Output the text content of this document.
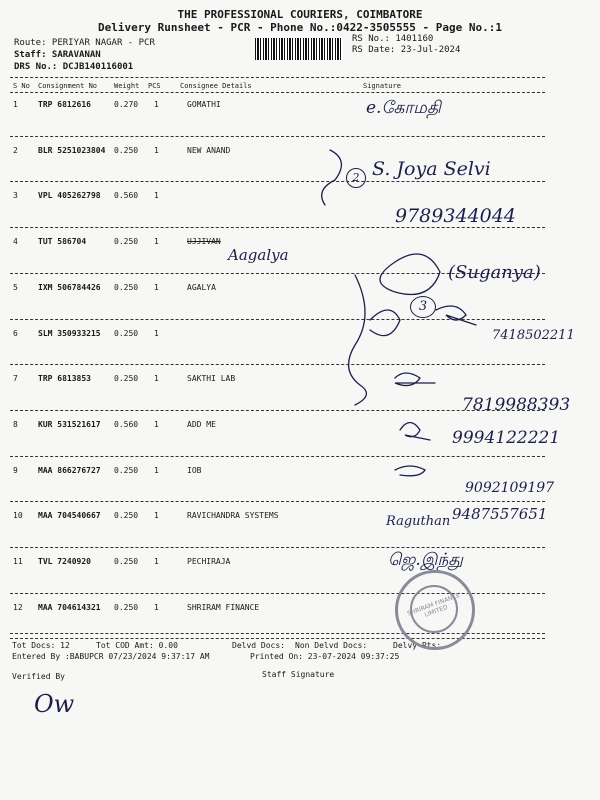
THE PROFESSIONAL COURIERS, COIMBATORE
Delivery Runsheet - PCR - Phone No.:0422-3505555 - Page No.:1
Route: PERIYAR NAGAR - PCR
Staff: SARAVANAN
DRS No.: DCJB140116001
RS No.: 1401160
RS Date: 23-Jul-2024
S No Consignment No Weight PCS	Consignee Details	Signature
1	TRP 6812616	0.270 1	GOMATHI
2	BLR 5251023804 0.250 1	NEW ANAND
3	VPL 405262798 0.560 1
4	TUT 586704	0.250 1	UJJIVAN
5	IXM 506784426 0.250 1	AGALYA
6	SLM 350933215 0.250 1
7	TRP 6813853	0.250 1	SAKTHI LAB
8	KUR 531521617 0.560 1	ADD ME
9	MAA 866276727 0.250 1	IOB
10 MAA 704540667 0.250 1	RAVICHANDRA SYSTEMS
11 TVL 7240920	0.250 1	PECHIRAJA
12 MAA 704614321 0.250 1	SHRIRAM FINANCE
Tot Docs: 12	Tot COD Amt: 0.00	Delvd Docs: Non Delvd Docs:	Delvy Pts:
Entered By :BABUPCR 07/23/2024 9:37:17 AM	Printed On: 23-07-2024 09:37:25
Verified By	Staff Signature
e.கோமதி
2 S. Joya Selvi
9789344044
Aagalya
(Suganya)
3
7418502211
7819988393
9994122221
9092109197
Raguthan 9487557651
ஜெ.இந்து
Ow
SHRIRAM FINANCE LIMITED
